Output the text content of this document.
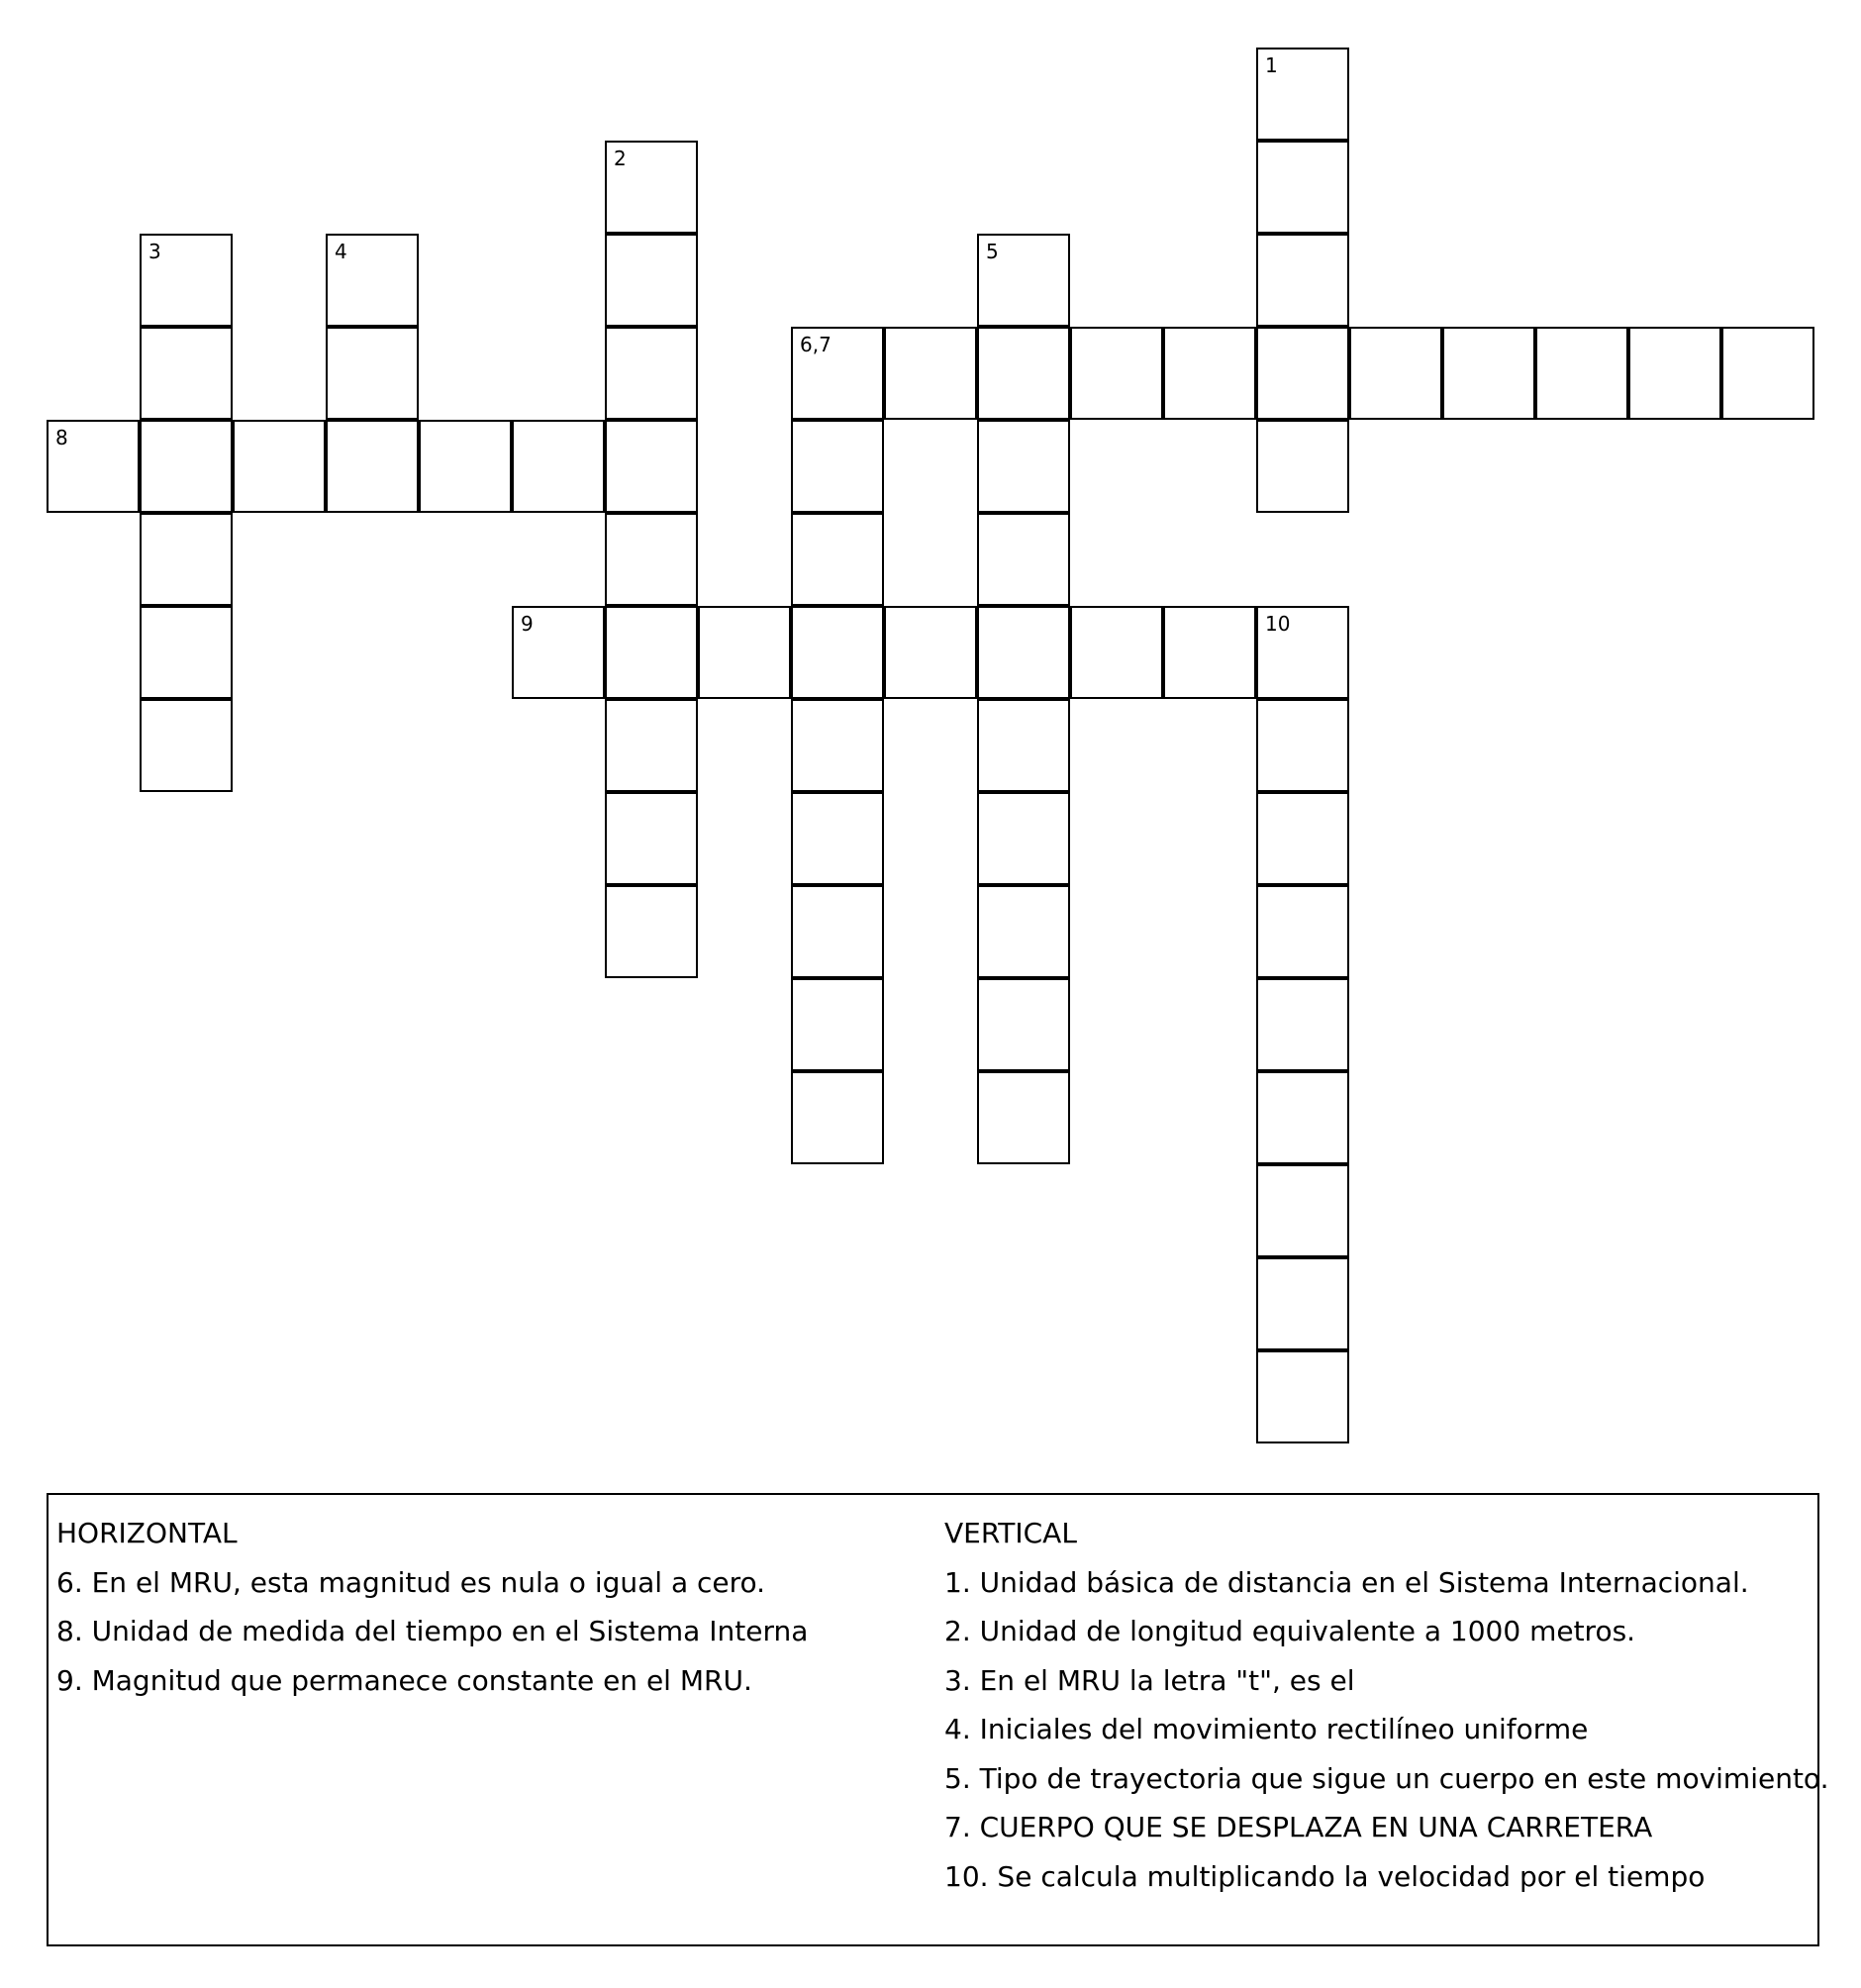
1
2
3	4	5
6,7
8
9	10
HORIZONTAL
6. En el MRU, esta magnitud es nula o igual a cero.
8. Unidad de medida del tiempo en el Sistema Interna
9. Magnitud que permanece constante en el MRU.
VERTICAL
1. Unidad básica de distancia en el Sistema Internacional.
2. Unidad de longitud equivalente a 1000 metros.
3. En el MRU la letra "t", es el
4. Iniciales del movimiento rectilíneo uniforme
5. Tipo de trayectoria que sigue un cuerpo en este movimiento.
7. CUERPO QUE SE DESPLAZA EN UNA CARRETERA
10. Se calcula multiplicando la velocidad por el tiempo
